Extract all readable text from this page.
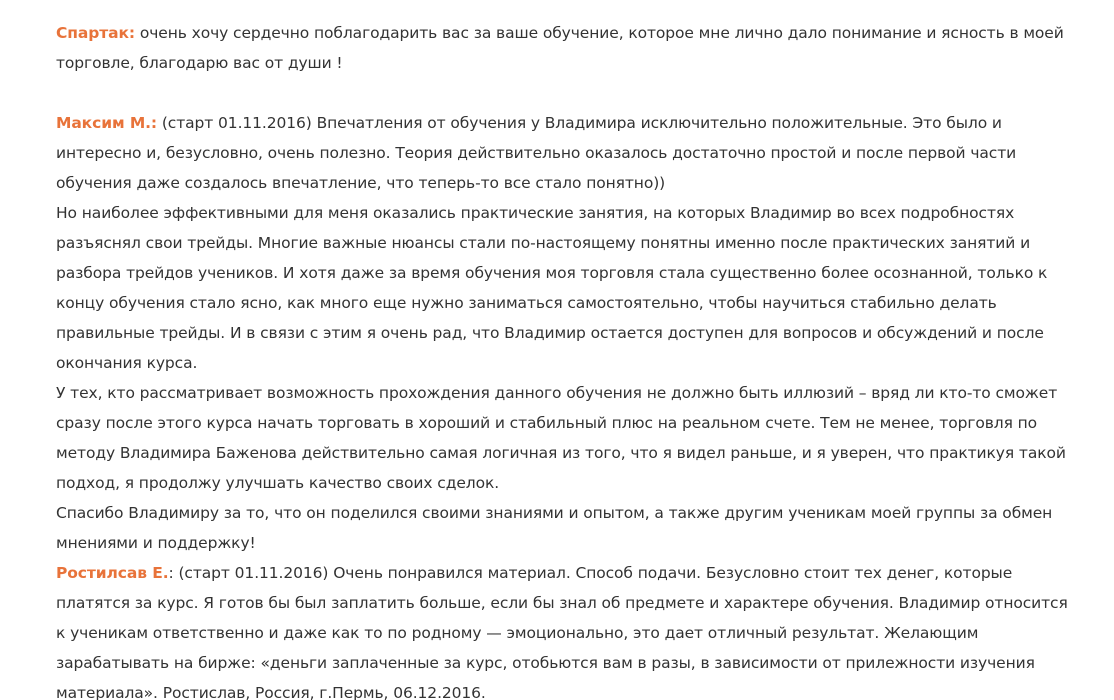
Спартак: очень хочу сердечно поблагодарить вас за ваше обучение, которое мне лично дало понимание и ясность в моей торговле, благодарю вас от души !

Максим М.: (старт 01.11.2016) Впечатления от обучения у Владимира исключительно положительные. Это было и интересно и, безусловно, очень полезно. Теория действительно оказалось достаточно простой и после первой части обучения даже создалось впечатление, что теперь-то все стало понятно))
Но наиболее эффективными для меня оказались практические занятия, на которых Владимир во всех подробностях разъяснял свои трейды. Многие важные нюансы стали по-настоящему понятны именно после практических занятий и разбора трейдов учеников. И хотя даже за время обучения моя торговля стала существенно более осознанной, только к концу обучения стало ясно, как много еще нужно заниматься самостоятельно, чтобы научиться стабильно делать правильные трейды. И в связи с этим я очень рад, что Владимир остается доступен для вопросов и обсуждений и после окончания курса.
У тех, кто рассматривает возможность прохождения данного обучения не должно быть иллюзий – вряд ли кто-то сможет сразу после этого курса начать торговать в хороший и стабильный плюс на реальном счете. Тем не менее, торговля по методу Владимира Баженова действительно самая логичная из того, что я видел раньше, и я уверен, что практикуя такой подход, я продолжу улучшать качество своих сделок.
Спасибо Владимиру за то, что он поделился своими знаниями и опытом, а также другим ученикам моей группы за обмен мнениями и поддержку!

Ростилсав Е.: (старт 01.11.2016) Очень понравился материал. Способ подачи. Безусловно стоит тех денег, которые платятся за курс. Я готов бы был заплатить больше, если бы знал об предмете и характере обучения. Владимир относится к ученикам ответственно и даже как то по родному — эмоционально, это дает отличный результат. Желающим зарабатывать на бирже: «деньги заплаченные за курс, отобьются вам в разы, в зависимости от прилежности изучения материала». Ростислав, Россия, г.Пермь, 06.12.2016.
